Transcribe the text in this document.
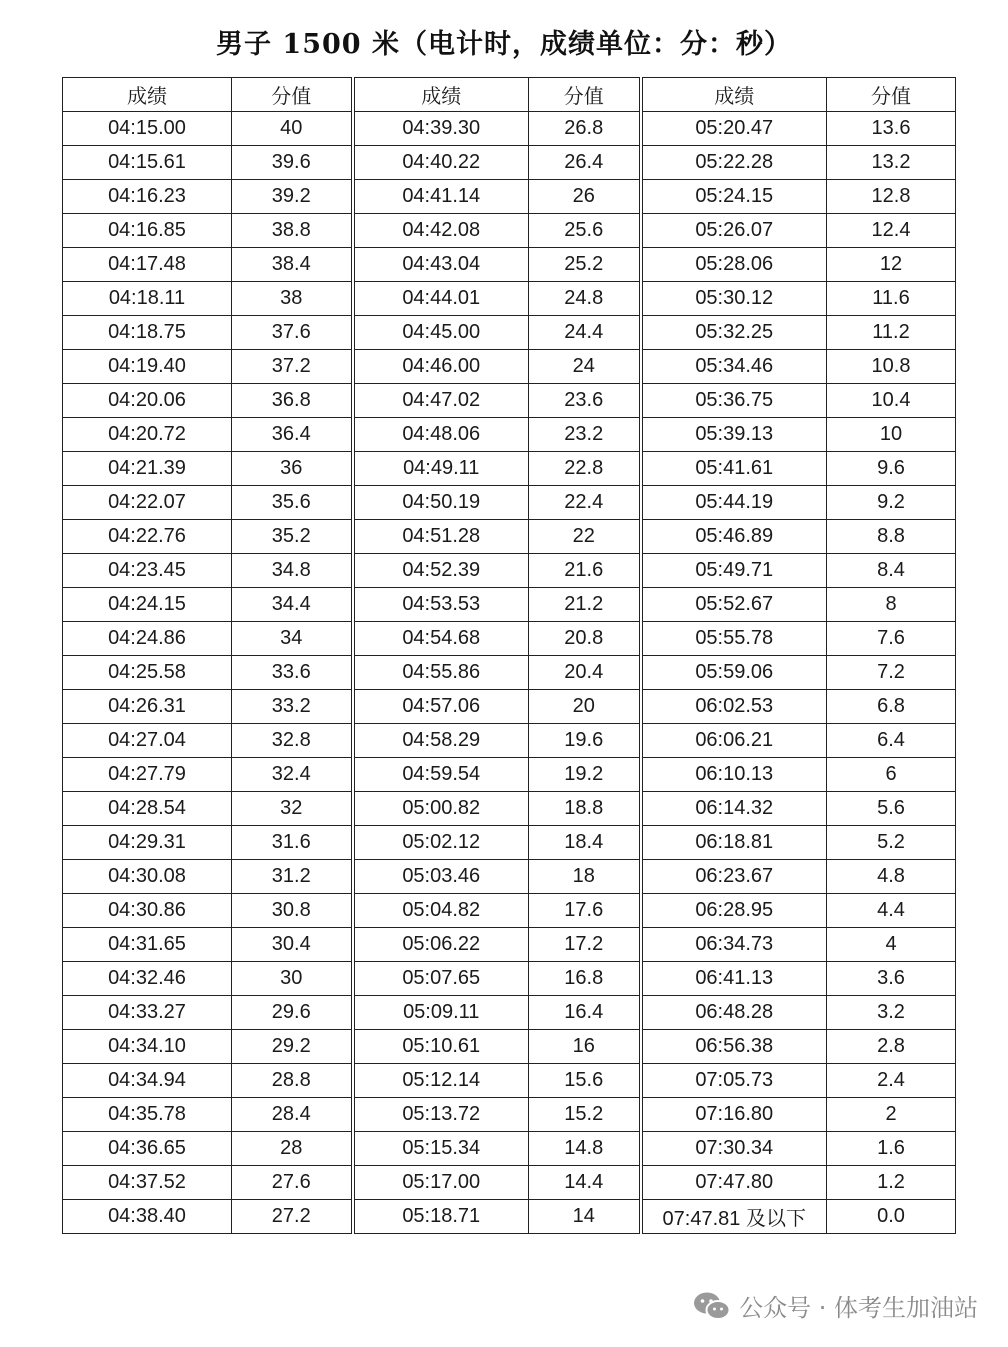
男子 1500 米（电计时，成绩单位：分：秒）
成绩	分值	成绩	分值	成绩	分值
04:15.00	40	04:39.30	26.8	05:20.47	13.6
04:15.61	39.6	04:40.22	26.4	05:22.28	13.2
04:16.23	39.2	04:41.14	26	05:24.15	12.8
04:16.85	38.8	04:42.08	25.6	05:26.07	12.4
04:17.48	38.4	04:43.04	25.2	05:28.06	12
04:18.11	38	04:44.01	24.8	05:30.12	11.6
04:18.75	37.6	04:45.00	24.4	05:32.25	11.2
04:19.40	37.2	04:46.00	24	05:34.46	10.8
04:20.06	36.8	04:47.02	23.6	05:36.75	10.4
04:20.72	36.4	04:48.06	23.2	05:39.13	10
04:21.39	36	04:49.11	22.8	05:41.61	9.6
04:22.07	35.6	04:50.19	22.4	05:44.19	9.2
04:22.76	35.2	04:51.28	22	05:46.89	8.8
04:23.45	34.8	04:52.39	21.6	05:49.71	8.4
04:24.15	34.4	04:53.53	21.2	05:52.67	8
04:24.86	34	04:54.68	20.8	05:55.78	7.6
04:25.58	33.6	04:55.86	20.4	05:59.06	7.2
04:26.31	33.2	04:57.06	20	06:02.53	6.8
04:27.04	32.8	04:58.29	19.6	06:06.21	6.4
04:27.79	32.4	04:59.54	19.2	06:10.13	6
04:28.54	32	05:00.82	18.8	06:14.32	5.6
04:29.31	31.6	05:02.12	18.4	06:18.81	5.2
04:30.08	31.2	05:03.46	18	06:23.67	4.8
04:30.86	30.8	05:04.82	17.6	06:28.95	4.4
04:31.65	30.4	05:06.22	17.2	06:34.73	4
04:32.46	30	05:07.65	16.8	06:41.13	3.6
04:33.27	29.6	05:09.11	16.4	06:48.28	3.2
04:34.10	29.2	05:10.61	16	06:56.38	2.8
04:34.94	28.8	05:12.14	15.6	07:05.73	2.4
04:35.78	28.4	05:13.72	15.2	07:16.80	2
04:36.65	28	05:15.34	14.8	07:30.34	1.6
04:37.52	27.6	05:17.00	14.4	07:47.80	1.2
04:38.40	27.2	05:18.71	14	07:47.81 及以下	0.0
公众号 · 体考生加油站
